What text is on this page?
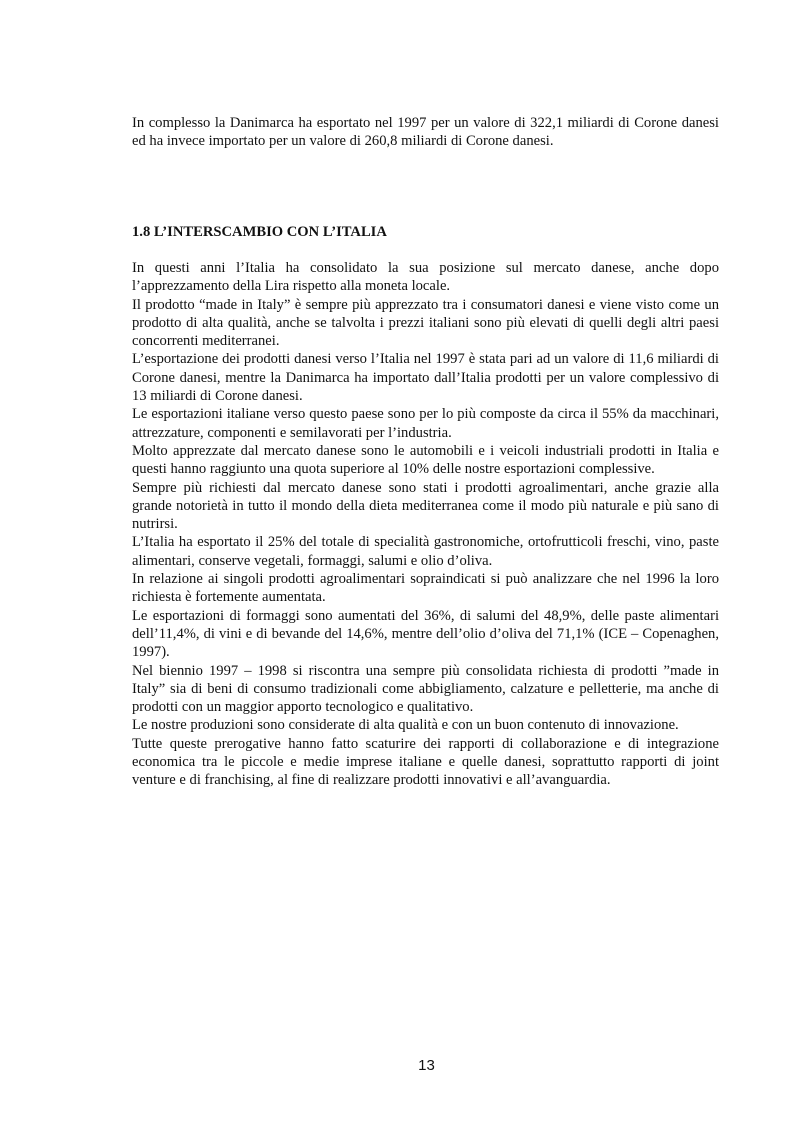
In complesso la Danimarca ha esportato nel 1997 per un valore di 322,1 miliardi di Corone danesi ed ha invece importato per un valore di 260,8 miliardi di Corone danesi.

1.8 L’INTERSCAMBIO CON L’ITALIA

In questi anni l’Italia ha consolidato la sua posizione sul mercato danese, anche dopo l’apprezzamento della Lira rispetto alla moneta locale.

Il prodotto “made in Italy” è sempre più apprezzato tra i consumatori danesi e viene visto come un prodotto di alta qualità, anche se talvolta i prezzi italiani sono più elevati di quelli degli altri paesi concorrenti mediterranei.

L’esportazione dei prodotti danesi verso l’Italia nel 1997 è stata pari ad un valore di 11,6 miliardi di Corone danesi, mentre la Danimarca ha importato dall’Italia prodotti per un valore complessivo di 13 miliardi di Corone danesi.

Le esportazioni italiane verso questo paese sono per lo più composte da circa il 55% da macchinari, attrezzature, componenti e semilavorati per l’industria.

Molto apprezzate dal mercato danese sono le automobili e i veicoli industriali prodotti in Italia e questi hanno raggiunto una quota superiore al 10% delle nostre esportazioni complessive.

Sempre più richiesti dal mercato danese sono stati i prodotti agroalimentari, anche grazie alla grande notorietà in tutto il mondo della dieta mediterranea come il modo più naturale e più sano di nutrirsi.

L’Italia ha esportato il 25% del totale di specialità gastronomiche, ortofrutticoli freschi, vino, paste alimentari, conserve vegetali, formaggi, salumi e olio d’oliva.

In relazione ai singoli prodotti agroalimentari sopraindicati si può analizzare che nel 1996 la loro richiesta è fortemente aumentata.

Le esportazioni di formaggi sono aumentati del 36%, di salumi del 48,9%, delle paste alimentari dell’11,4%, di vini e di bevande del 14,6%, mentre dell’olio d’oliva del 71,1% (ICE – Copenaghen, 1997).

Nel biennio 1997 – 1998 si riscontra una sempre più consolidata richiesta di prodotti ”made in Italy” sia di beni di consumo tradizionali come abbigliamento, calzature e pelletterie, ma anche di prodotti con un maggior apporto tecnologico e qualitativo.

Le nostre produzioni sono considerate di alta qualità e con un buon contenuto di innovazione.

Tutte queste prerogative hanno fatto scaturire dei rapporti di collaborazione e di integrazione economica tra le piccole e medie imprese italiane e quelle danesi, soprattutto rapporti di joint venture e di franchising, al fine di realizzare prodotti innovativi e all’avanguardia.

13
